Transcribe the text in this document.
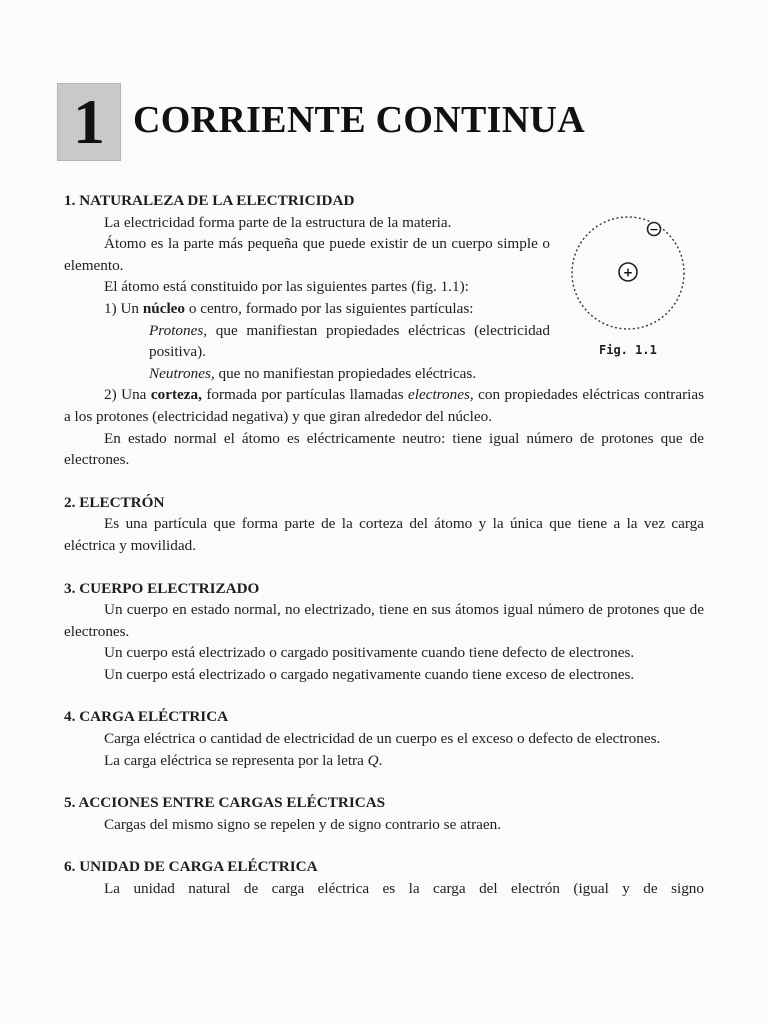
1 CORRIENTE CONTINUA
+
−
Fig. 1.1

1. NATURALEZA DE LA ELECTRICIDAD

La electricidad forma parte de la estructura de la materia.

Átomo es la parte más pequeña que puede existir de un cuerpo simple o elemento.

El átomo está constituido por las siguientes partes (fig. 1.1):

1) Un núcleo o centro, formado por las siguientes partículas:

Protones, que manifiestan propiedades eléctricas (electricidad positiva).

Neutrones, que no manifiestan propiedades eléctricas.

2) Una corteza, formada por partículas llamadas electrones, con propiedades eléctricas contrarias a los protones (electricidad negativa) y que giran alrededor del núcleo.

En estado normal el átomo es eléctricamente neutro: tiene igual número de protones que de electrones.

2. ELECTRÓN

Es una partícula que forma parte de la corteza del átomo y la única que tiene a la vez carga eléctrica y movilidad.

3. CUERPO ELECTRIZADO

Un cuerpo en estado normal, no electrizado, tiene en sus átomos igual número de protones que de electrones.

Un cuerpo está electrizado o cargado positivamente cuando tiene defecto de electrones.

Un cuerpo está electrizado o cargado negativamente cuando tiene exceso de electrones.

4. CARGA ELÉCTRICA

Carga eléctrica o cantidad de electricidad de un cuerpo es el exceso o defecto de electrones.

La carga eléctrica se representa por la letra Q.

5. ACCIONES ENTRE CARGAS ELÉCTRICAS

Cargas del mismo signo se repelen y de signo contrario se atraen.

6. UNIDAD DE CARGA ELÉCTRICA

La unidad natural de carga eléctrica es la carga del electrón (igual y de signo
